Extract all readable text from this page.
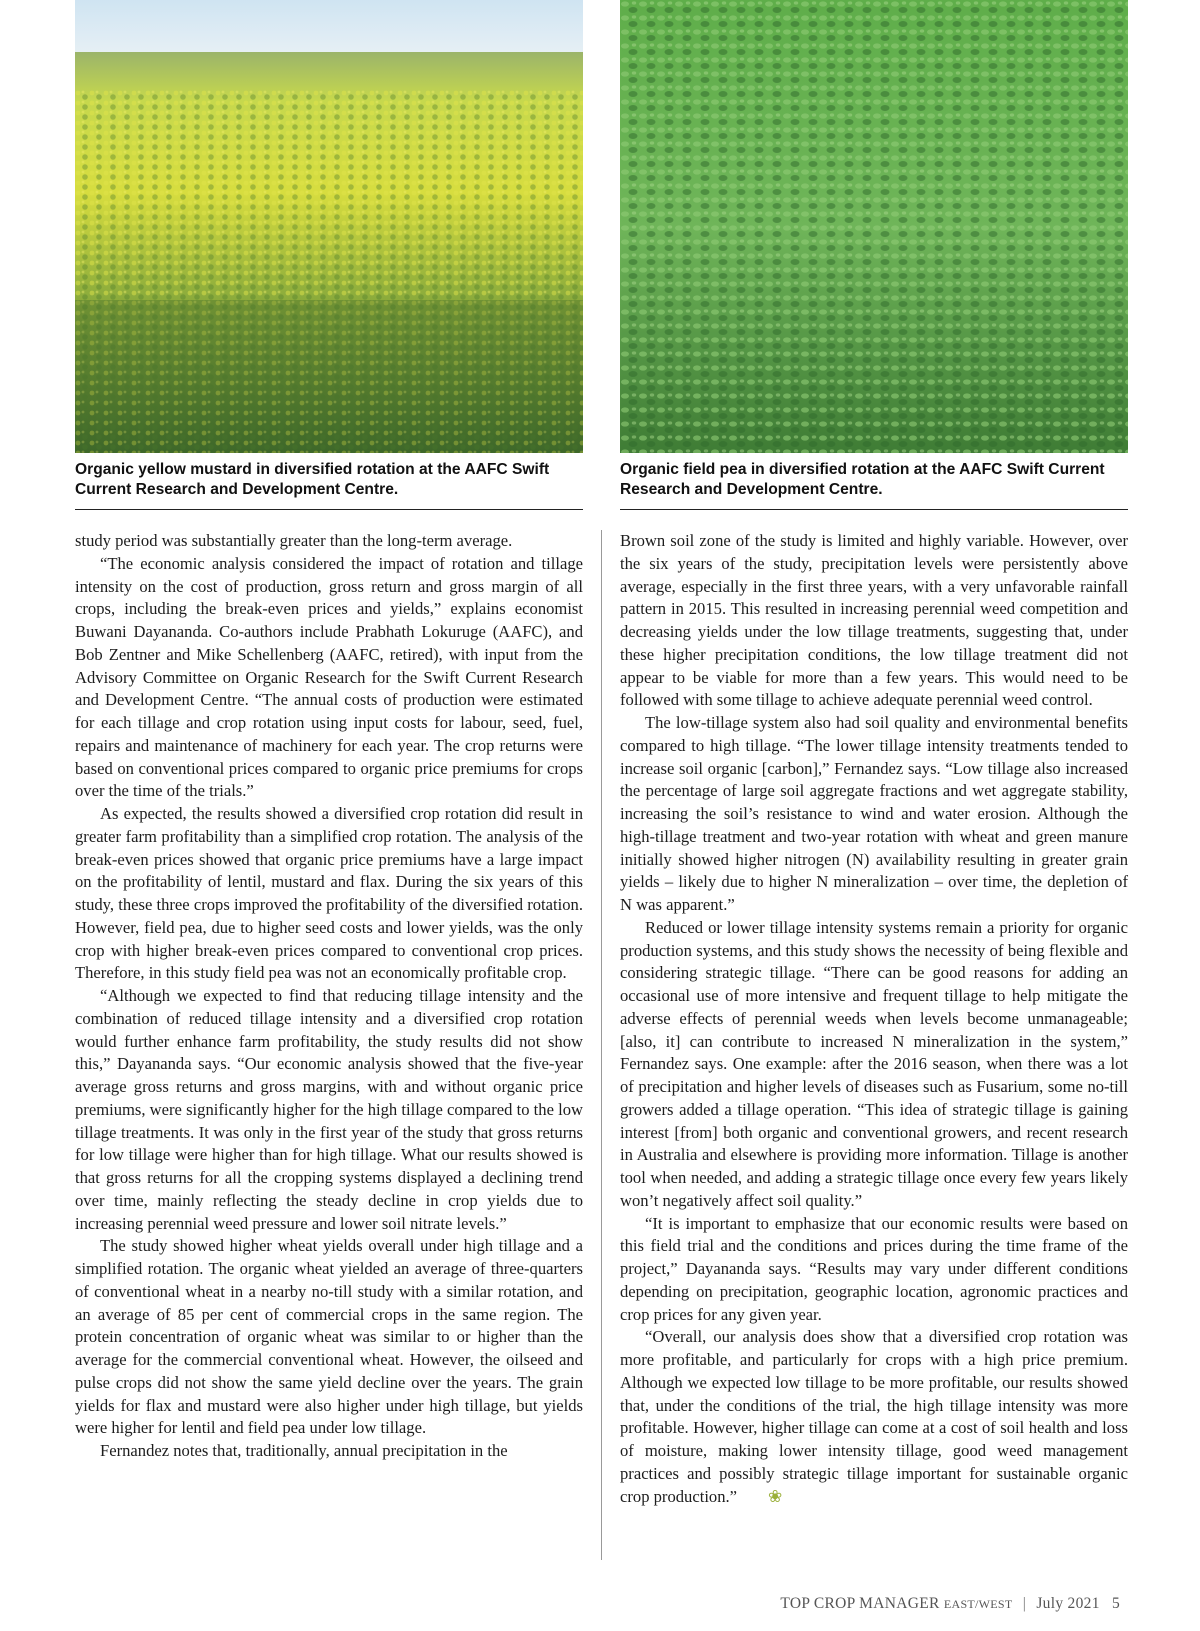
Organic yellow mustard in diversified rotation at the AAFC Swift Current Research and Development Centre.
Organic field pea in diversified rotation at the AAFC Swift Current Research and Development Centre.

study period was substantially greater than the long-term average.

“The economic analysis considered the impact of rotation and tillage intensity on the cost of production, gross return and gross margin of all crops, including the break-even prices and yields,” explains economist Buwani Dayananda. Co-authors include Prabhath Lokuruge (AAFC), and Bob Zentner and Mike Schellenberg (AAFC, retired), with input from the Advisory Committee on Organic Research for the Swift Current Research and Development Centre. “The annual costs of production were estimated for each tillage and crop rotation using input costs for labour, seed, fuel, repairs and maintenance of machinery for each year. The crop returns were based on conventional prices compared to organic price premiums for crops over the time of the trials.”

As expected, the results showed a diversified crop rotation did result in greater farm profitability than a simplified crop rotation. The analysis of the break-even prices showed that organic price premiums have a large impact on the profitability of lentil, mustard and flax. During the six years of this study, these three crops improved the profitability of the diversified rotation. However, field pea, due to higher seed costs and lower yields, was the only crop with higher break-even prices compared to conventional crop prices. Therefore, in this study field pea was not an economically profitable crop.

“Although we expected to find that reducing tillage intensity and the combination of reduced tillage intensity and a diversified crop rotation would further enhance farm profitability, the study results did not show this,” Dayananda says. “Our economic analysis showed that the five-year average gross returns and gross margins, with and without organic price premiums, were significantly higher for the high tillage compared to the low tillage treatments. It was only in the first year of the study that gross returns for low tillage were higher than for high tillage. What our results showed is that gross returns for all the cropping systems displayed a declining trend over time, mainly reflecting the steady decline in crop yields due to increasing perennial weed pressure and lower soil nitrate levels.”

The study showed higher wheat yields overall under high tillage and a simplified rotation. The organic wheat yielded an average of three-quarters of conventional wheat in a nearby no-till study with a similar rotation, and an average of 85 per cent of commercial crops in the same region. The protein concentration of organic wheat was similar to or higher than the average for the commercial conventional wheat. However, the oilseed and pulse crops did not show the same yield decline over the years. The grain yields for flax and mustard were also higher under high tillage, but yields were higher for lentil and field pea under low tillage.

Fernandez notes that, traditionally, annual precipitation in the

Brown soil zone of the study is limited and highly variable. However, over the six years of the study, precipitation levels were persistently above average, especially in the first three years, with a very unfavorable rainfall pattern in 2015. This resulted in increasing perennial weed competition and decreasing yields under the low tillage treatments, suggesting that, under these higher precipitation conditions, the low tillage treatment did not appear to be viable for more than a few years. This would need to be followed with some tillage to achieve adequate perennial weed control.

The low-tillage system also had soil quality and environmental benefits compared to high tillage. “The lower tillage intensity treatments tended to increase soil organic [carbon],” Fernandez says. “Low tillage also increased the percentage of large soil aggregate fractions and wet aggregate stability, increasing the soil’s resistance to wind and water erosion. Although the high-tillage treatment and two-year rotation with wheat and green manure initially showed higher nitrogen (N) availability resulting in greater grain yields – likely due to higher N mineralization – over time, the depletion of N was apparent.”

Reduced or lower tillage intensity systems remain a priority for organic production systems, and this study shows the necessity of being flexible and considering strategic tillage. “There can be good reasons for adding an occasional use of more intensive and frequent tillage to help mitigate the adverse effects of perennial weeds when levels become unmanageable; [also, it] can contribute to increased N mineralization in the system,” Fernandez says. One example: after the 2016 season, when there was a lot of precipitation and higher levels of diseases such as Fusarium, some no-till growers added a tillage operation. “This idea of strategic tillage is gaining interest [from] both organic and conventional growers, and recent research in Australia and elsewhere is providing more information. Tillage is another tool when needed, and adding a strategic tillage once every few years likely won’t negatively affect soil quality.”

“It is important to emphasize that our economic results were based on this field trial and the conditions and prices during the time frame of the project,” Dayananda says. “Results may vary under different conditions depending on precipitation, geographic location, agronomic practices and crop prices for any given year.

“Overall, our analysis does show that a diversified crop rotation was more profitable, and particularly for crops with a high price premium. Although we expected low tillage to be more profitable, our results showed that, under the conditions of the trial, the high tillage intensity was more profitable. However, higher tillage can come at a cost of soil health and loss of moisture, making lower intensity tillage, good weed management practices and possibly strategic tillage important for sustainable organic crop production.” ❀

TOP CROP MANAGER EAST/WEST | July 2021 5
